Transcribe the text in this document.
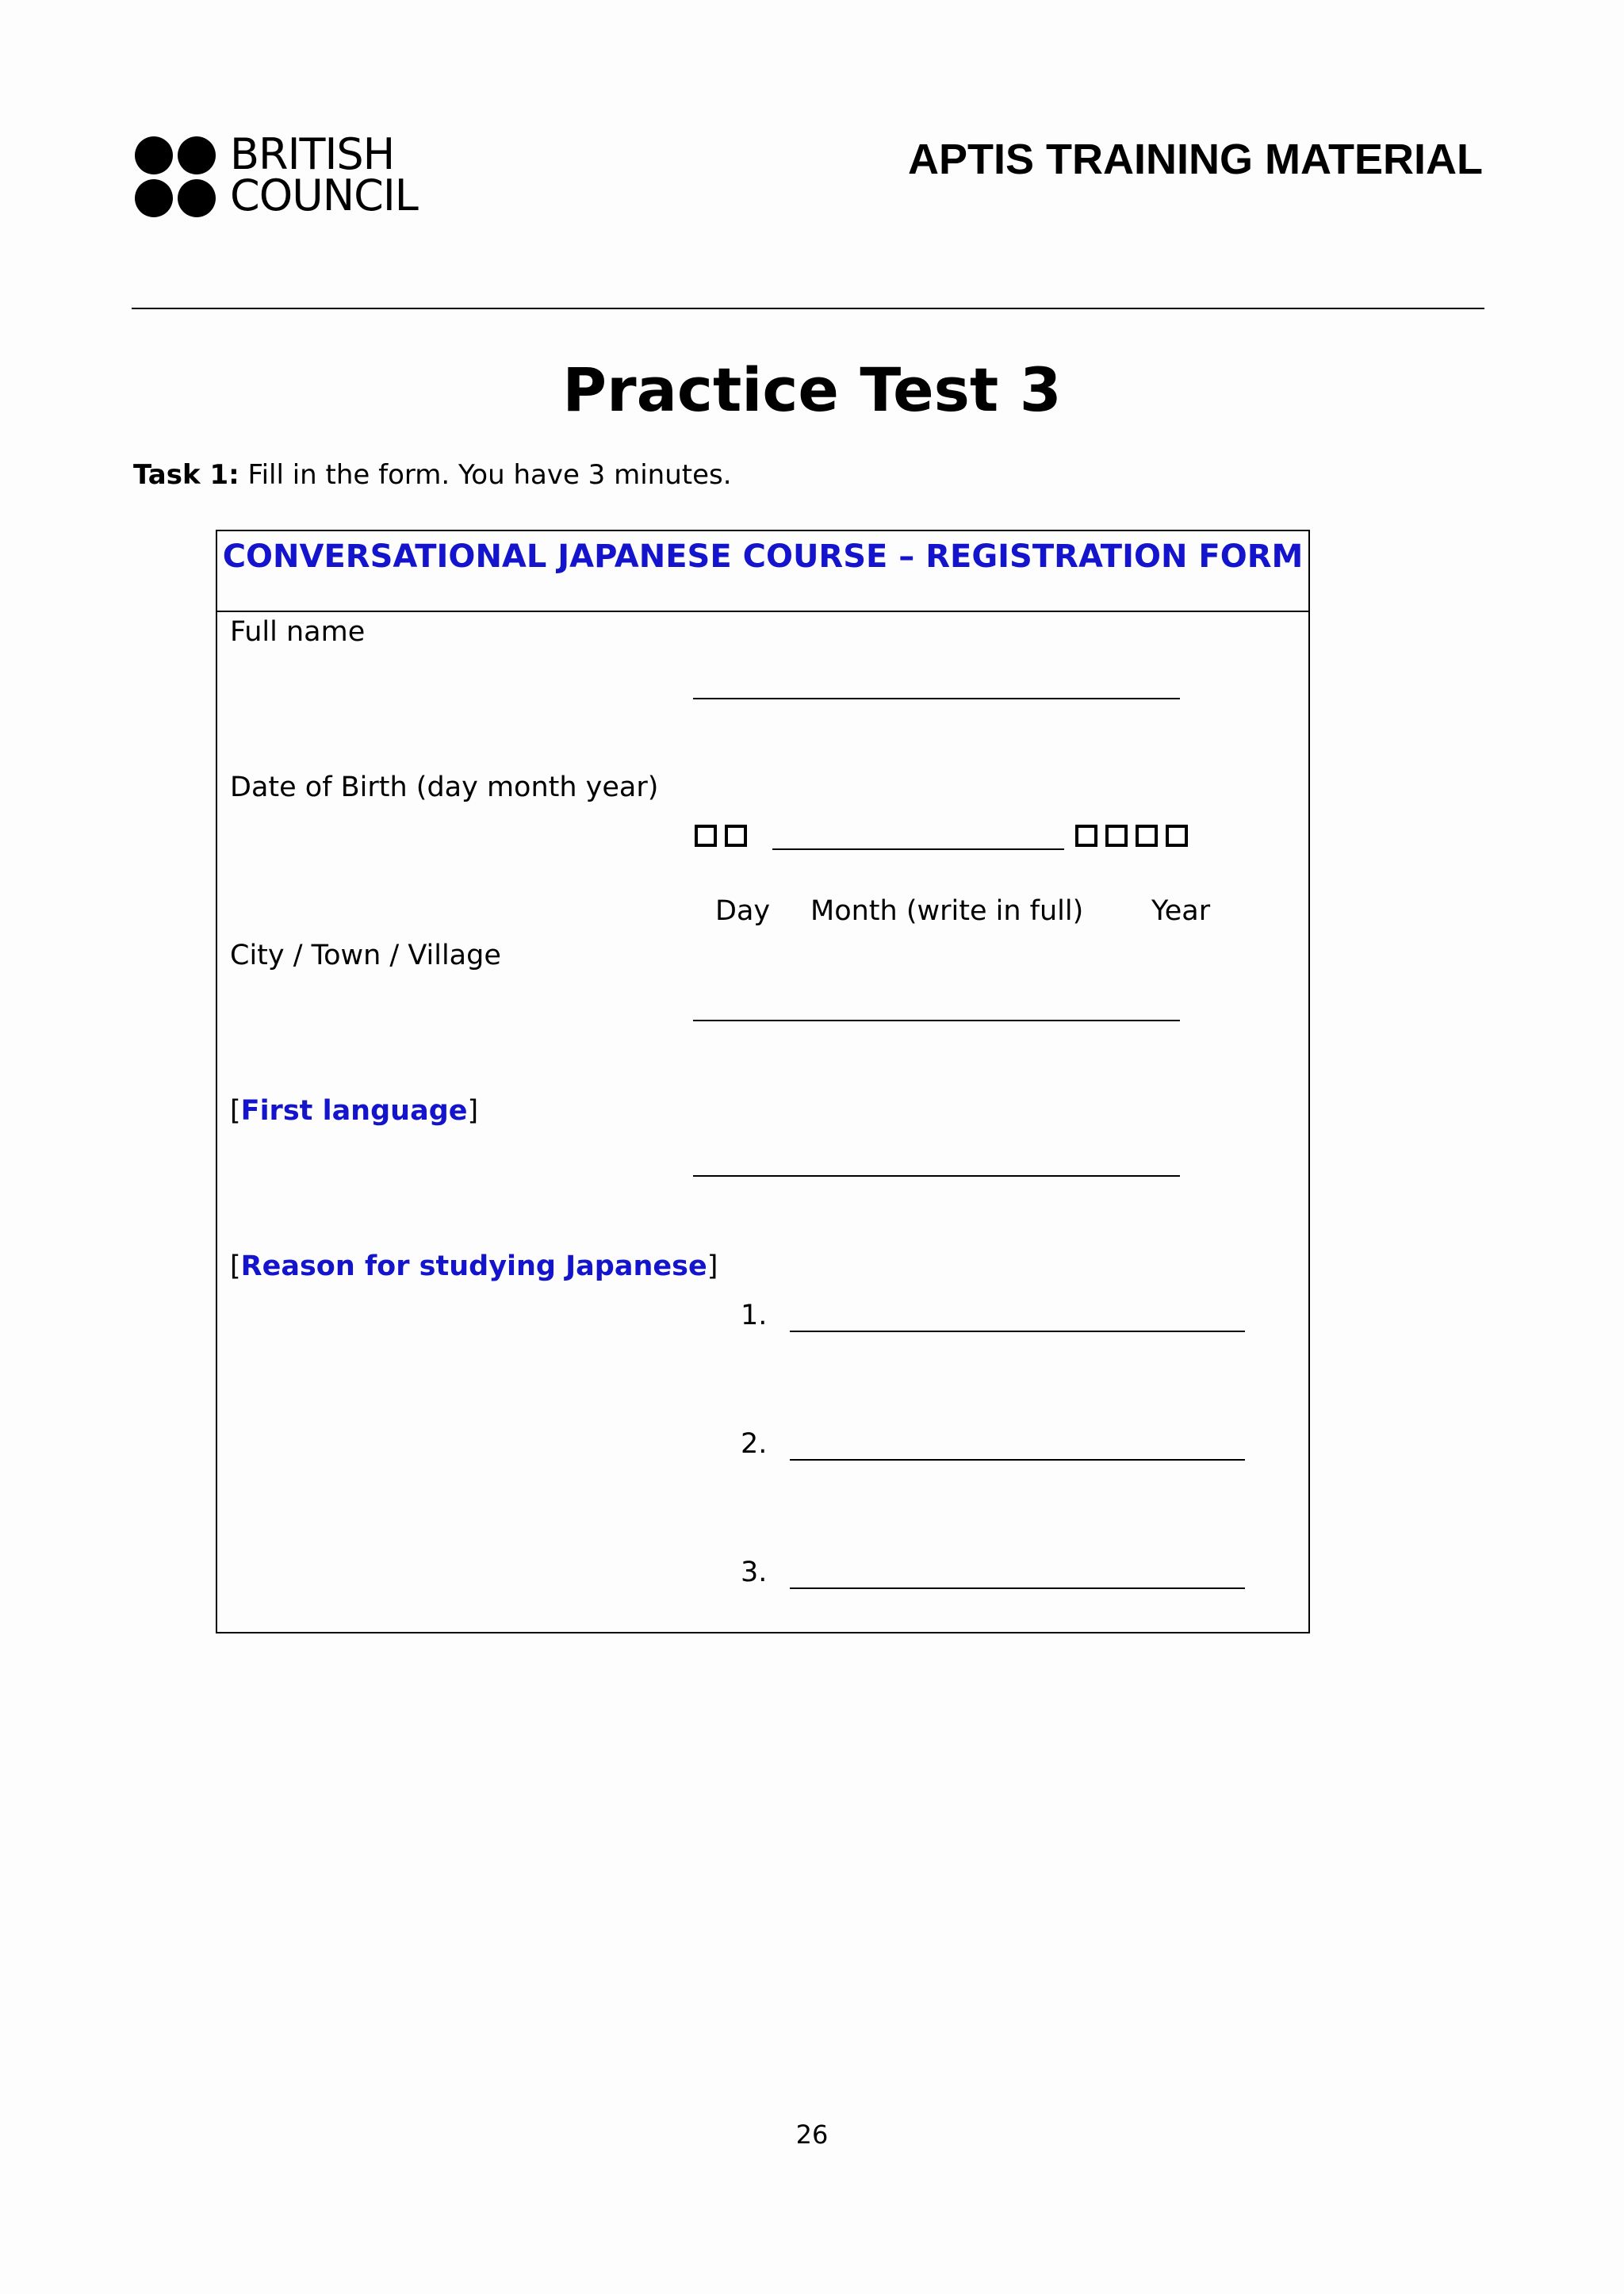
BRITISH
COUNCIL
APTIS TRAINING MATERIAL
Practice Test 3
Task 1: Fill in the form. You have 3 minutes.
CONVERSATIONAL JAPANESE COURSE – REGISTRATION FORM
Full name
Date of Birth (day month year)
Day Month (write in full) Year
City / Town / Village
[First language]
[Reason for studying Japanese]
1.
2.
3.
26
